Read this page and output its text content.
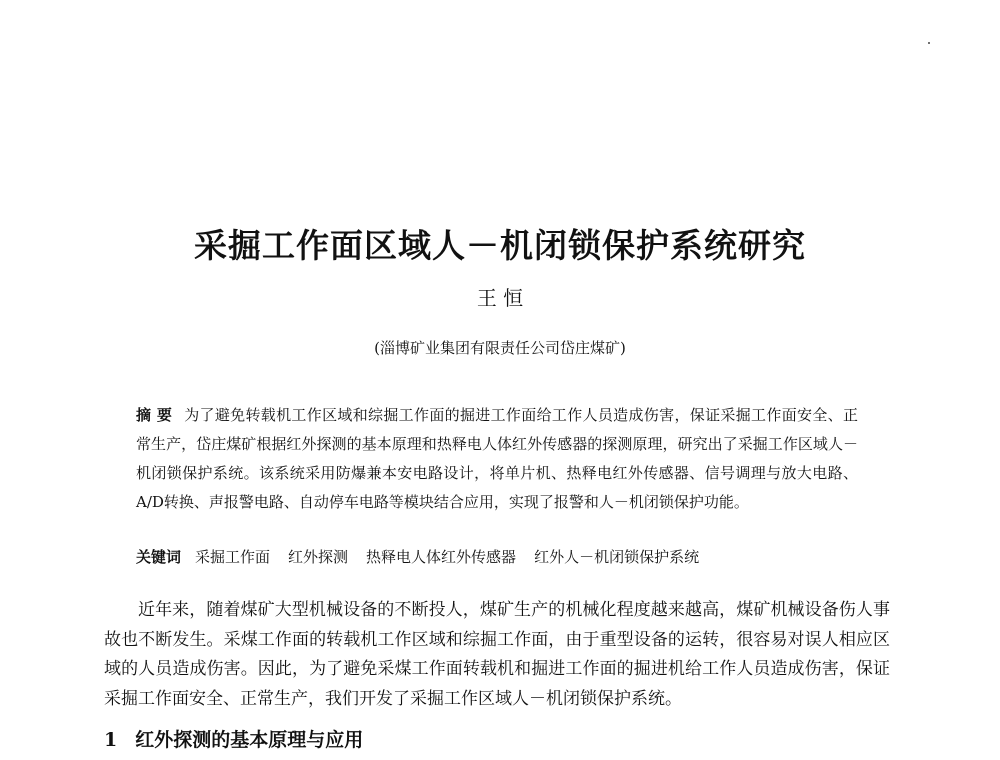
采掘工作面区域人－机闭锁保护系统研究
王 恒
(淄博矿业集团有限责任公司岱庄煤矿)

摘 要 为了避免转载机工作区域和综掘工作面的掘进工作面给工作人员造成伤害，保证采掘工作面安全、正常生产，岱庄煤矿根据红外探测的基本原理和热释电人体红外传感器的探测原理，研究出了采掘工作区域人－机闭锁保护系统。该系统采用防爆兼本安电路设计，将单片机、热释电红外传感器、信号调理与放大电路、A/D转换、声报警电路、自动停车电路等模块结合应用，实现了报警和人－机闭锁保护功能。

关键词 采掘工作面 红外探测 热释电人体红外传感器 红外人－机闭锁保护系统

近年来，随着煤矿大型机械设备的不断投人，煤矿生产的机械化程度越来越高，煤矿机械设备伤人事故也不断发生。采煤工作面的转载机工作区域和综掘工作面，由于重型设备的运转，很容易对误人相应区域的人员造成伤害。因此，为了避免采煤工作面转载机和掘进工作面的掘进机给工作人员造成伤害，保证采掘工作面安全、正常生产，我们开发了采掘工作区域人－机闭锁保护系统。

1 红外探测的基本原理与应用
